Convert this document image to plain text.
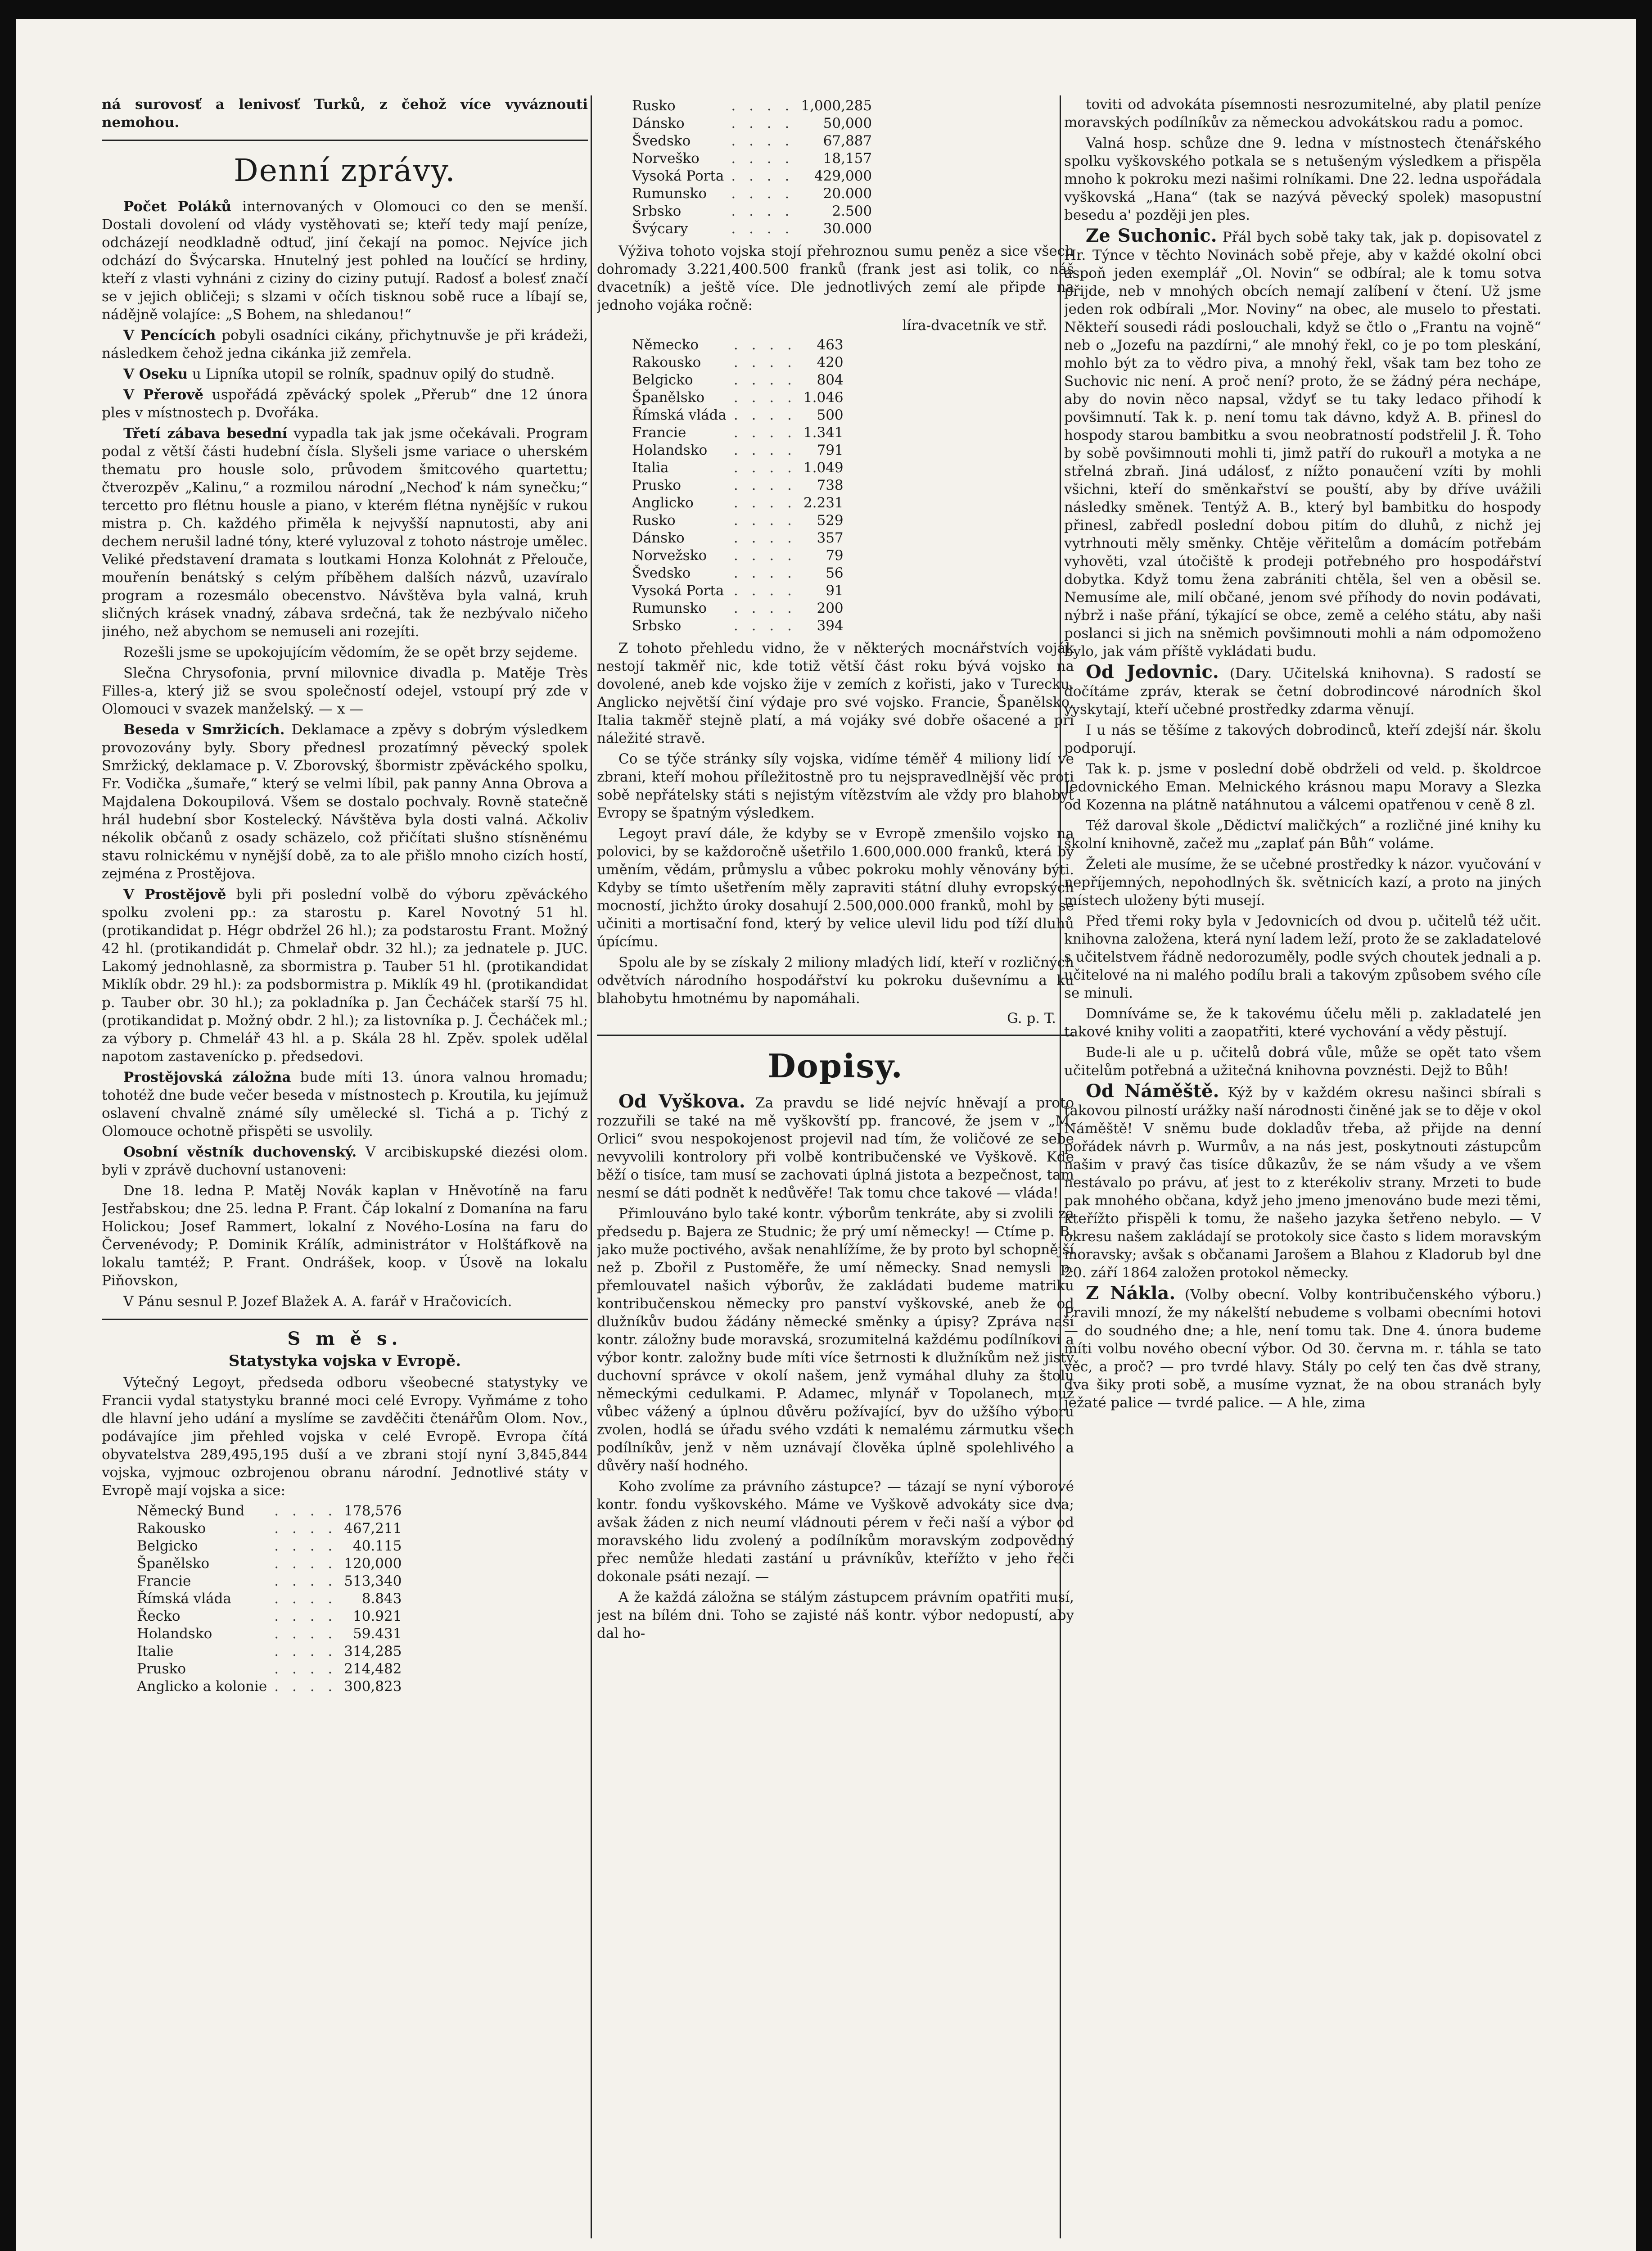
ná surovosť a lenivosť Turků, z čehož více vyváznouti nemohou.

Denní zprávy.

Počet Poláků internovaných v Olomouci co den se menší. Dostali dovolení od vlády vystěhovati se; kteří tedy mají peníze, odcházejí neodkladně odtuď, jiní čekají na pomoc. Nejvíce jich odchází do Švýcarska. Hnutelný jest pohled na loučící se hrdiny, kteří z vlasti vyhnáni z ciziny do ciziny putují. Radosť a bolesť značí se v jejich obličeji; s slzami v očích tisknou sobě ruce a líbají se, nádějně volajíce: „S Bohem, na shledanou!“

V Pencících pobyli osadníci cikány, přichytnuvše je při krádeži, následkem čehož jedna cikánka již zemřela.

V Oseku u Lipníka utopil se rolník, spadnuv opilý do studně.

V Přerově uspořádá zpěvácký spolek „Přerub“ dne 12 února ples v místnostech p. Dvořáka.

Třetí zábava besední vypadla tak jak jsme očekávali. Program podal z větší části hudební čísla. Slyšeli jsme variace o uherském thematu pro housle solo, průvodem šmitcového quartettu; čtverozpěv „Kalinu,“ a rozmilou národní „Nechoď k nám synečku;“ tercetto pro flétnu housle a piano, v kterém flétna nynějšíc v rukou mistra p. Ch. každého přiměla k nejvyšší napnutosti, aby ani dechem nerušil ladné tóny, které vyluzoval z tohoto nástroje umělec. Veliké představení dramata s loutkami Honza Kolohnát z Přelouče, mouřenín benátský s celým příběhem dalších názvů, uzavíralo program a rozesmálo obecenstvo. Návštěva byla valná, kruh sličných krásek vnadný, zábava srdečná, tak že nezbývalo ničeho jiného, než abychom se nemuseli ani rozejíti.

Rozešli jsme se upokojujícím vědomím, že se opět brzy sejdeme.

Slečna Chrysofonia, první milovnice divadla p. Matěje Très Filles-a, který již se svou společností odejel, vstoupí prý zde v Olomouci v svazek manželský. — x —

Beseda v Smržicích. Deklamace a zpěvy s dobrým výsledkem provozovány byly. Sbory přednesl prozatímný pěvecký spolek Smržický, deklamace p. V. Zborovský, šbormistr zpěváckého spolku, Fr. Vodička „šumaře,“ který se velmi líbil, pak panny Anna Obrova a Majdalena Dokoupilová. Všem se dostalo pochvaly. Rovně statečně hrál hudební sbor Kostelecký. Návštěva byla dosti valná. Ačkoliv nékolik občanů z osady schäzelo, což přičítati slušno stísněnému stavu rolnickému v nynější době, za to ale přišlo mnoho cizích hostí, zejména z Prostějova.

V Prostějově byli při poslední volbě do výboru zpěváckého spolku zvoleni pp.: za starostu p. Karel Novotný 51 hl. (protikandidat p. Hégr obdržel 26 hl.); za podstarostu Frant. Možný 42 hl. (protikandidát p. Chmelař obdr. 32 hl.); za jednatele p. JUC. Lakomý jednohlasně, za sbormistra p. Tauber 51 hl. (protikandidat Miklík obdr. 29 hl.): za podsbormistra p. Miklík 49 hl. (protikandidat p. Tauber obr. 30 hl.); za pokladníka p. Jan Čecháček starší 75 hl. (protikandidat p. Možný obdr. 2 hl.); za listovníka p. J. Čecháček ml.; za výbory p. Chmelář 43 hl. a p. Skála 28 hl. Zpěv. spolek udělal napotom zastavenícko p. předsedovi.

Prostějovská záložna bude míti 13. února valnou hromadu; tohotéž dne bude večer beseda v místnostech p. Kroutila, ku jejímuž oslavení chvalně známé síly umělecké sl. Tichá a p. Tichý z Olomouce ochotně přispěti se usvolily.

Osobní věstník duchovenský. V arcibiskupské diezési olom. byli v zprávě duchovní ustanoveni:

Dne 18. ledna P. Matěj Novák kaplan v Hněvotíně na faru Jestřabskou; dne 25. ledna P. Frant. Čáp lokalní z Domanína na faru Holickou; Josef Rammert, lokalní z Nového-Losína na faru do Červenévody; P. Dominik Králík, administrátor v Holštáfkově na lokalu tamtéž; P. Frant. Ondrášek, koop. v Úsově na lokalu Piňovskon,

V Pánu sesnul P. Jozef Blažek A. A. farář v Hračovicích.

S m ě s.
Statystyka vojska v Evropě.

Výtečný Legoyt, předseda odboru všeobecné statystyky ve Francii vydal statystyku branné moci celé Evropy. Vyňmáme z toho dle hlavní jeho udání a myslíme se zavděčiti čtenářům Olom. Nov., podávajíce jim přehled vojska v celé Evropě. Evropa čítá obyvatelstva 289,495,195 duší a ve zbrani stojí nyní 3,845,844 vojska, vyjmouc ozbrojenou obranu národní. Jednotlivé státy v Evropě mají vojska a sice:

Německý Bund	. . . .	178,576
Rakousko	. . . .	467,211
Belgicko	. . . .	40.115
Španělsko	. . . .	120,000
Francie	. . . .	513,340
Římská vláda	. . . .	8.843
Řecko	. . . .	10.921
Holandsko	. . . .	59.431
Italie	. . . .	314,285
Prusko	. . . .	214,482
Anglicko a kolonie	. . . .	300,823
Rusko	. . . .	1,000,285
Dánsko	. . . .	50,000
Švedsko	. . . .	67,887
Norveško	. . . .	18,157
Vysoká Porta	. . . .	429,000
Rumunsko	. . . .	20.000
Srbsko	. . . .	2.500
Švýcary	. . . .	30.000

Výživa tohoto vojska stojí přehroznou sumu peněz a sice všech dohromady 3.221,400.500 franků (frank jest asi tolik, co náš dvacetník) a ještě více. Dle jednotlivých zemí ale připde na jednoho vojáka ročně:

líra-dvacetník ve stř.
Německo	. . . .	463
Rakousko	. . . .	420
Belgicko	. . . .	804
Španělsko	. . . .	1.046
Římská vláda	. . . .	500
Francie	. . . .	1.341
Holandsko	. . . .	791
Italia	. . . .	1.049
Prusko	. . . .	738
Anglicko	. . . .	2.231
Rusko	. . . .	529
Dánsko	. . . .	357
Norvežsko	. . . .	79
Švedsko	. . . .	56
Vysoká Porta	. . . .	91
Rumunsko	. . . .	200
Srbsko	. . . .	394

Z tohoto přehledu vidno, že v některých mocnářstvích voják nestojí takměř nic, kde totiž větší část roku bývá vojsko na dovolené, aneb kde vojsko žije v zemích z kořisti, jako v Turecku. Anglicko největší činí výdaje pro své vojsko. Francie, Španělsko, Italia takměř stejně platí, a má vojáky své dobře ošacené a při náležité stravě.

Co se týče stránky síly vojska, vidíme téměř 4 miliony lidí ve zbrani, kteří mohou příležitostně pro tu nejspravedlnější věc proti sobě nepřátelsky státi s nejistým vítězstvím ale vždy pro blahobyt Evropy se špatným výsledkem.

Legoyt praví dále, že kdyby se v Evropě zmenšilo vojsko na polovici, by se každoročně ušetřilo 1.600,000.000 franků, která by uměním, vědám, průmyslu a vůbec pokroku mohly věnovány býti. Kdyby se tímto ušetřením měly zapraviti státní dluhy evropských mocností, jichžto úroky dosahují 2.500,000.000 franků, mohl by se učiniti a mortisační fond, který by velice ulevil lidu pod tíží dluhů úpícímu.

Spolu ale by se získaly 2 miliony mladých lidí, kteří v rozličných odvětvích národního hospodářství ku pokroku duševnímu a ku blahobytu hmotnému by napomáhali.

G. p. T.
Dopisy.

Od Vyškova. Za pravdu se lidé nejvíc hněvají a proto rozzuřili se také na mě vyškovští pp. francové, že jsem v „M. Orlici“ svou nespokojenost projevil nad tím, že voličové ze sebe nevyvolili kontrolory při volbě kontribučenské ve Vyškově. Kde běží o tisíce, tam musí se zachovati úplná jistota a bezpečnost, tam nesmí se dáti podnět k nedůvěře! Tak tomu chce takové — vláda!

Přimlouváno bylo také kontr. výborům tenkráte, aby si zvolili za předsedu p. Bajera ze Studnic; že prý umí německy! — Ctíme p. B. jako muže poctivého, avšak nenahlížíme, že by proto byl schopnější než p. Zbořil z Pustoměře, že umí německy. Snad nemysli p. přemlouvatel našich výborův, že zakládati budeme matriku kontribučenskou německy pro panství vyškovské, aneb že od dlužníkův budou žádány německé směnky a úpisy? Zpráva naší kontr. záložny bude moravská, srozumitelná každému podílníkovi a výbor kontr. založny bude míti více šetrnosti k dlužníkům než jistý duchovní správce v okolí našem, jenž vymáhal dluhy za štolu německými cedulkami. P. Adamec, mlynář v Topolanech, muž vůbec vážený a úplnou důvěru požívající, byv do užšího výboru zvolen, hodlá se úřadu svého vzdáti k nemalému zármutku všech podílníkův, jenž v něm uznávají člověka úplně spolehlivého a důvěry naší hodného.

Koho zvolíme za právního zástupce? — tázají se nyní výborové kontr. fondu vyškovského. Máme ve Vyškově advokáty sice dva; avšak žáden z nich neumí vládnouti pérem v řeči naší a výbor od moravského lidu zvolený a podílníkům moravským zodpovědný přec nemůže hledati zastání u právníkův, kteřížto v jeho řeči dokonale psáti nezají. —

A že každá záložna se stálým zástupcem právním opatřiti musí, jest na bílém dni. Toho se zajisté náš kontr. výbor nedopustí, aby dal ho-

toviti od advokáta písemnosti nesrozumitelné, aby platil peníze moravských podílníkův za německou advokátskou radu a pomoc.

Valná hosp. schůze dne 9. ledna v místnostech čtenářského spolku vyškovského potkala se s netušeným výsledkem a přispěla mnoho k pokroku mezi našimi rolníkami. Dne 22. ledna uspořádala vyškovská „Hana“ (tak se nazývá pěvecký spolek) masopustní besedu a' později jen ples.

Ze Suchonic. Přál bych sobě taky tak, jak p. dopisovatel z Hr. Týnce v těchto Novinách sobě přeje, aby v každé okolní obci aspoň jeden exemplář „Ol. Novin“ se odbíral; ale k tomu sotva přijde, neb v mnohých obcích nemají zalíbení v čtení. Už jsme jeden rok odbírali „Mor. Noviny“ na obec, ale muselo to přestati. Někteří sousedi rádi poslouchali, když se čtlo o „Frantu na vojně“ neb o „Jozefu na pazdírni,“ ale mnohý řekl, co je po tom pleskání, mohlo být za to vědro piva, a mnohý řekl, však tam bez toho ze Suchovic nic není. A proč není? proto, že se žádný péra nechápe, aby do novin něco napsal, vždyť se tu taky ledaco přihodí k povšimnutí. Tak k. p. není tomu tak dávno, když A. B. přinesl do hospody starou bambitku a svou neobratností podstřelil J. Ř. Toho by sobě povšimnouti mohli ti, jimž patří do rukouřl a motyka a ne střelná zbraň. Jiná událosť, z nížto ponaučení vzíti by mohli všichni, kteří do směnkařství se pouští, aby by dříve uvážili následky směnek. Tentýž A. B., který byl bambitku do hospody přinesl, zabředl poslední dobou pitím do dluhů, z nichž jej vytrhnouti měly směnky. Chtěje věřitelům a domácím potřebám vyhověti, vzal útočiště k prodeji potřebného pro hospodářství dobytka. Když tomu žena zabrániti chtěla, šel ven a oběsil se. Nemusíme ale, milí občané, jenom své příhody do novin podávati, nýbrž i naše přání, týkající se obce, země a celého státu, aby naši poslanci si jich na sněmich povšimnouti mohli a nám odpomoženo bylo, jak vám příště vykládati budu.

Od Jedovnic. (Dary. Učitelská knihovna). S radostí se dočítáme zpráv, kterak se četní dobrodincové národních škol vyskytají, kteří učebné prostředky zdarma věnují.

I u nás se těšíme z takových dobrodinců, kteří zdejší nár. školu podporují.

Tak k. p. jsme v poslední době obdrželi od veld. p. školdrcoe Jedovnického Eman. Melnického krásnou mapu Moravy a Slezka od Kozenna na plátně natáhnutou a válcemi opatřenou v ceně 8 zl.

Též daroval škole „Dědictví maličkých“ a rozličné jiné knihy ku školní knihovně, začež mu „zaplať pán Bůh“ voláme.

Želeti ale musíme, že se učebné prostředky k názor. vyučování v nepříjemných, nepohodlných šk. světnicích kazí, a proto na jiných místech uloženy býti musejí.

Před třemi roky byla v Jedovnicích od dvou p. učitelů též učit. knihovna založena, která nyní ladem leží, proto že se zakladatelové s učitelstvem řádně nedorozuměly, podle svých choutek jednali a p. učitelové na ni malého podílu brali a takovým způsobem svého cíle se minuli.

Domníváme se, že k takovému účelu měli p. zakladatelé jen takové knihy voliti a zaopatřiti, které vychování a vědy pěstují.

Bude-li ale u p. učitelů dobrá vůle, může se opět tato všem učitelům potřebná a užitečná knihovna povznésti. Dejž to Bůh!

Od Náměště. Kýž by v každém okresu našinci sbírali s takovou pilností urážky naší národnosti činěné jak se to děje v okol Náměště! V sněmu bude dokladův třeba, až přijde na denní pořádek návrh p. Wurmův, a na nás jest, poskytnouti zástupcům našim v pravý čas tisíce důkazův, že se nám všudy a ve všem nestávalo po právu, ať jest to z kterékoliv strany. Mrzeti to bude pak mnohého občana, když jeho jmeno jmenováno bude mezi těmi, kteřížto přispěli k tomu, že našeho jazyka šetřeno nebylo. — V okresu našem zakládají se protokoly sice často s lidem moravským moravsky; avšak s občanami Jarošem a Blahou z Kladorub byl dne 20. září 1864 založen protokol německy.

Z Nákla. (Volby obecní. Volby kontribučenského výboru.) Pravili mnozí, že my nákelští nebudeme s volbami obecními hotovi — do soudného dne; a hle, není tomu tak. Dne 4. února budeme míti volbu nového obecní výbor. Od 30. června m. r. táhla se tato věc, a proč? — pro tvrdé hlavy. Stály po celý ten čas dvě strany, dva šiky proti sobě, a musíme vyznat, že na obou stranách byly ježaté palice — tvrdé palice. — A hle, zima
